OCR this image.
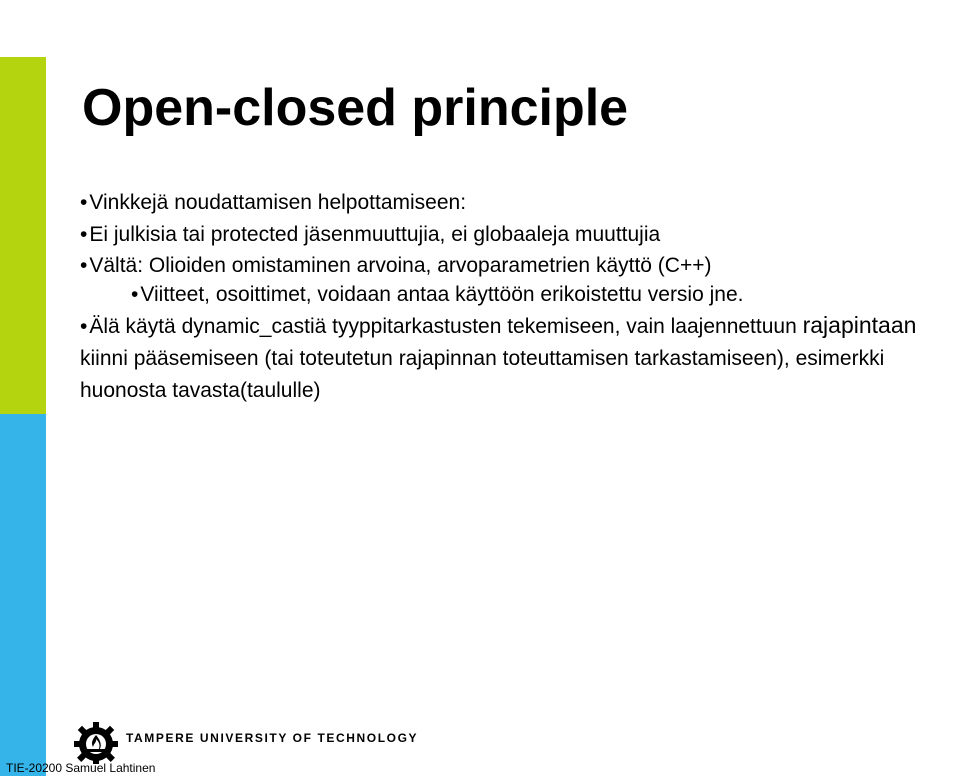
Open-closed principle
•Vinkkejä noudattamisen helpottamiseen:
•Ei julkisia tai protected jäsenmuuttujia, ei globaaleja muuttujia
•Vältä: Olioiden omistaminen arvoina, arvoparametrien käyttö (C++)
•Viitteet, osoittimet, voidaan antaa käyttöön erikoistettu versio jne.
•Älä käytä dynamic_castiä tyyppitarkastusten tekemiseen, vain laajennettuun rajapintaan kiinni pääsemiseen (tai toteutetun rajapinnan toteuttamisen tarkastamiseen), esimerkki huonosta tavasta(taululle)
TAMPERE UNIVERSITY OF TECHNOLOGY
TIE-20200 Samuel Lahtinen
